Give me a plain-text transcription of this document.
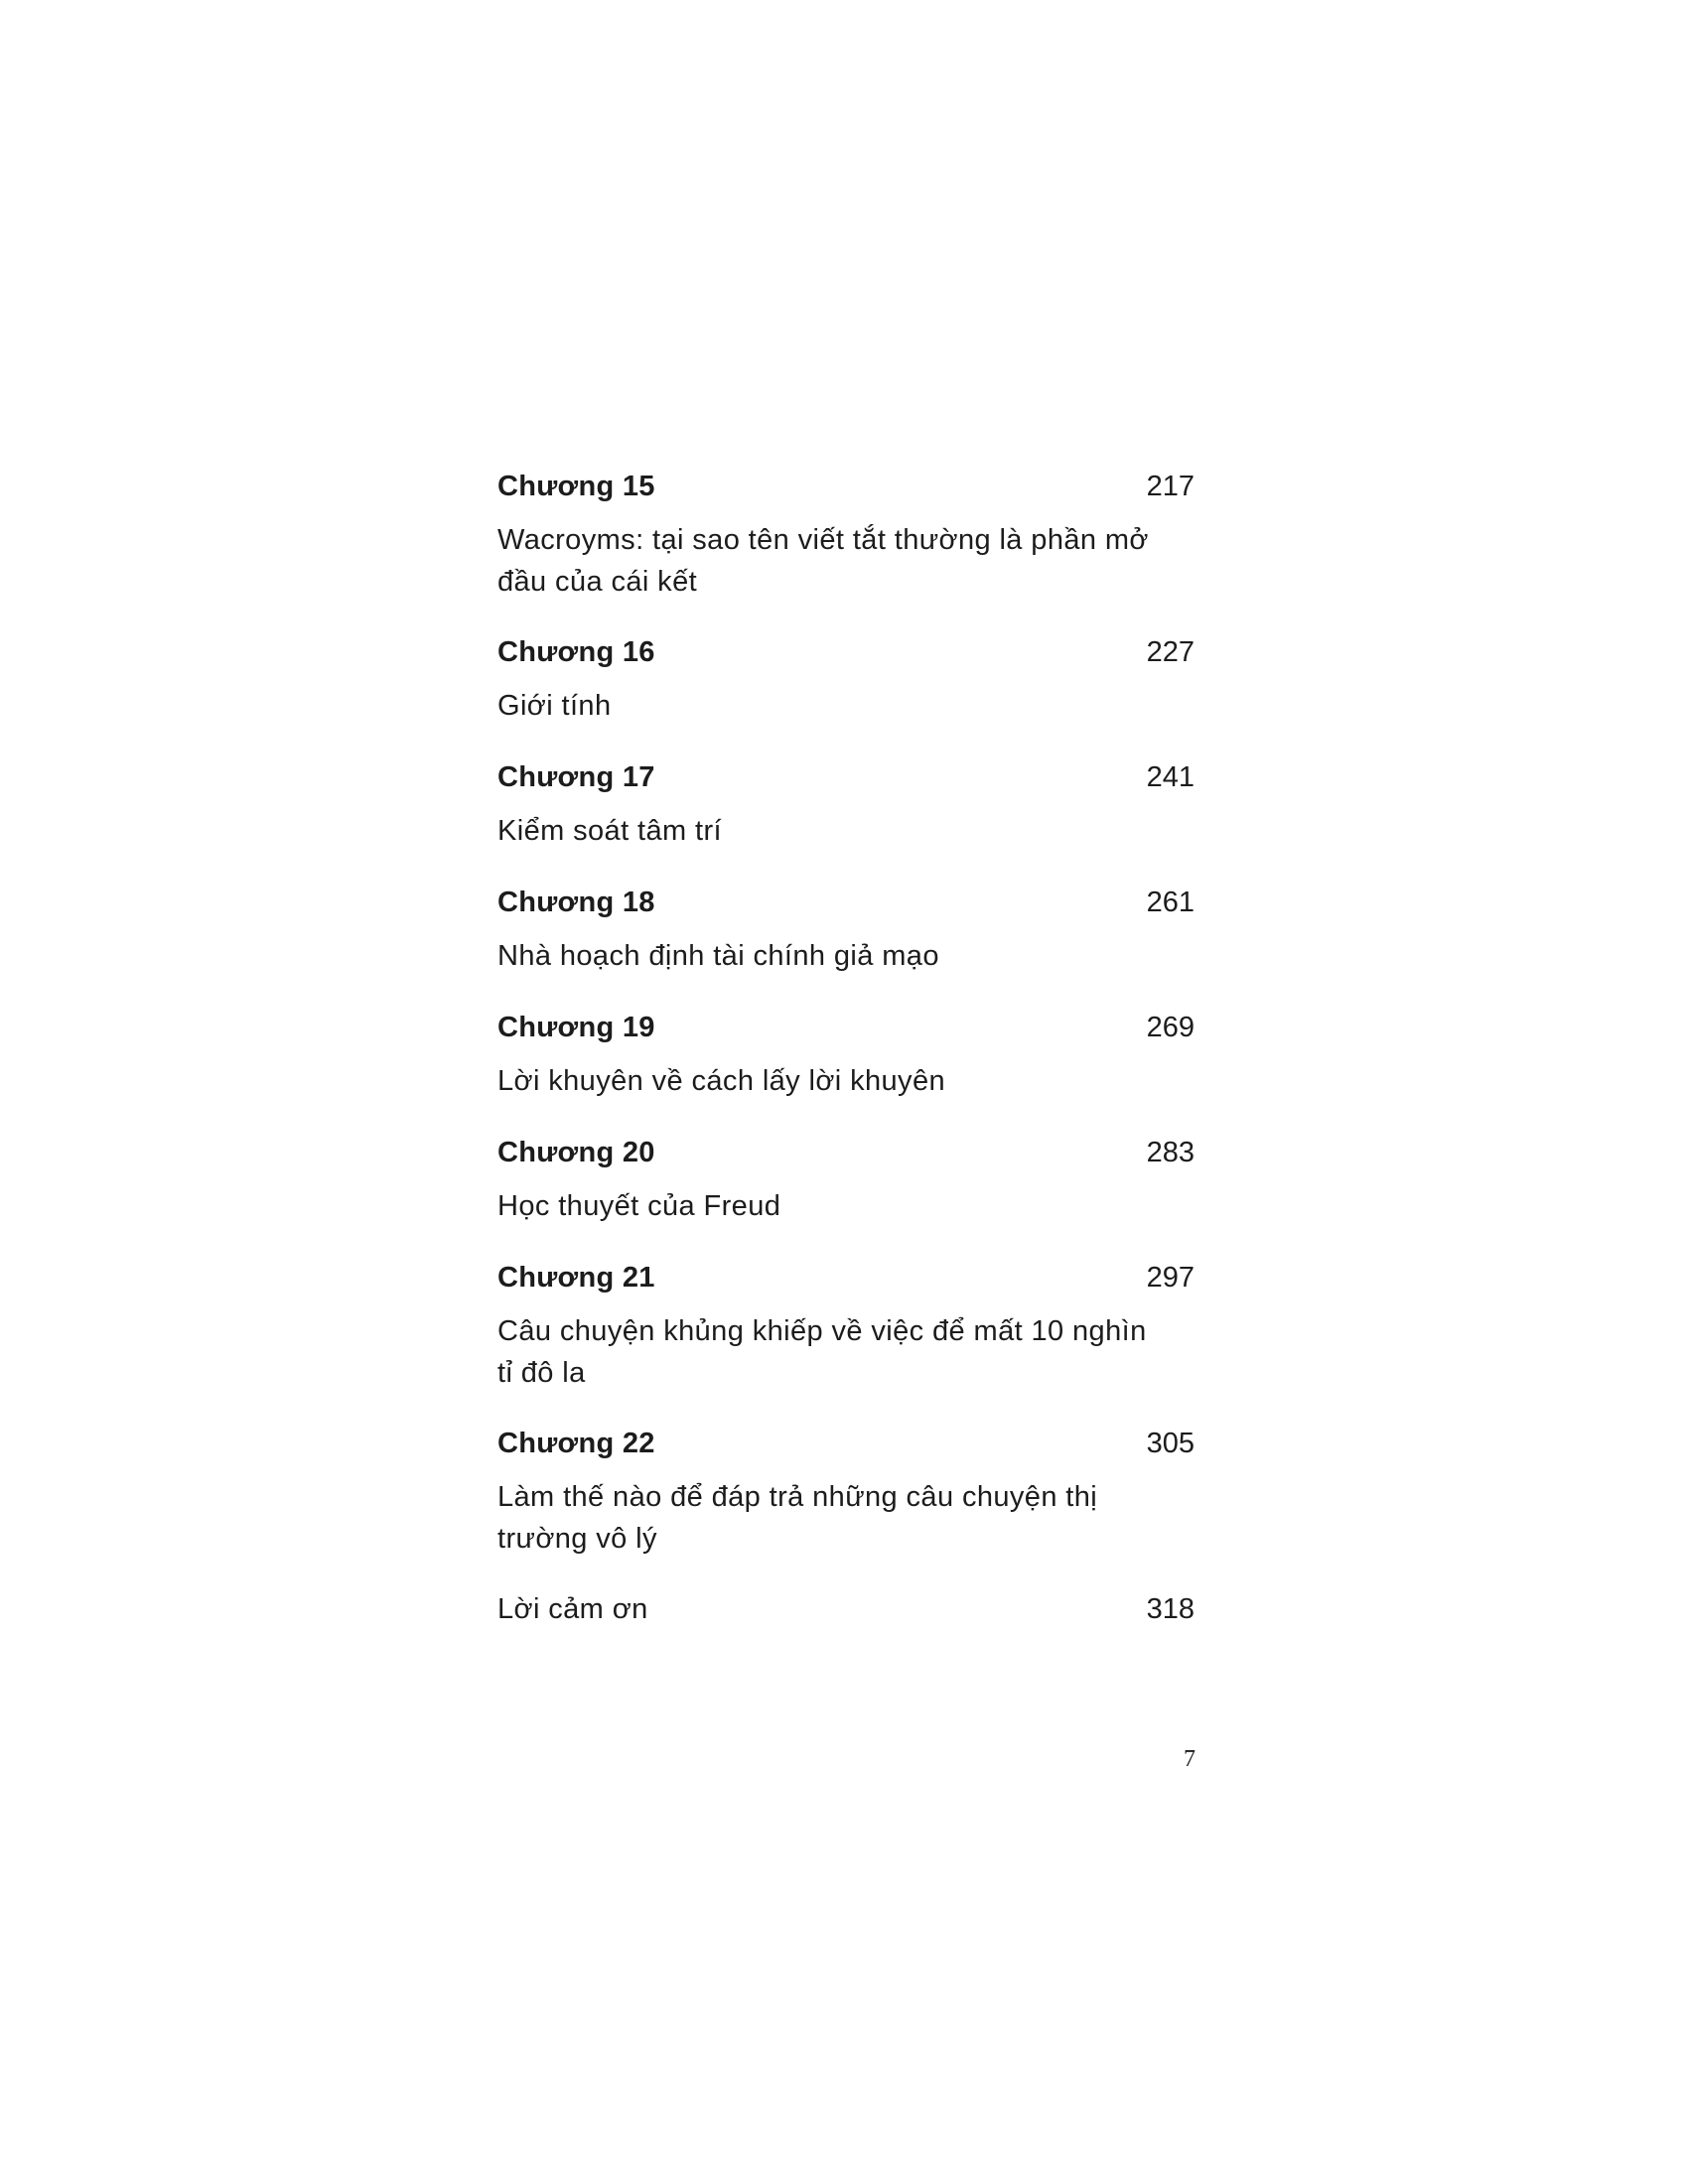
Chương 15	217
Wacroyms: tại sao tên viết tắt thường là phần mở đầu của cái kết
Chương 16	227
Giới tính
Chương 17	241
Kiểm soát tâm trí
Chương 18	261
Nhà hoạch định tài chính giả mạo
Chương 19	269
Lời khuyên về cách lấy lời khuyên
Chương 20	283
Học thuyết của Freud
Chương 21	297
Câu chuyện khủng khiếp về việc để mất 10 nghìn tỉ đô la
Chương 22	305
Làm thế nào để đáp trả những câu chuyện thị trường vô lý
Lời cảm ơn	318
7
